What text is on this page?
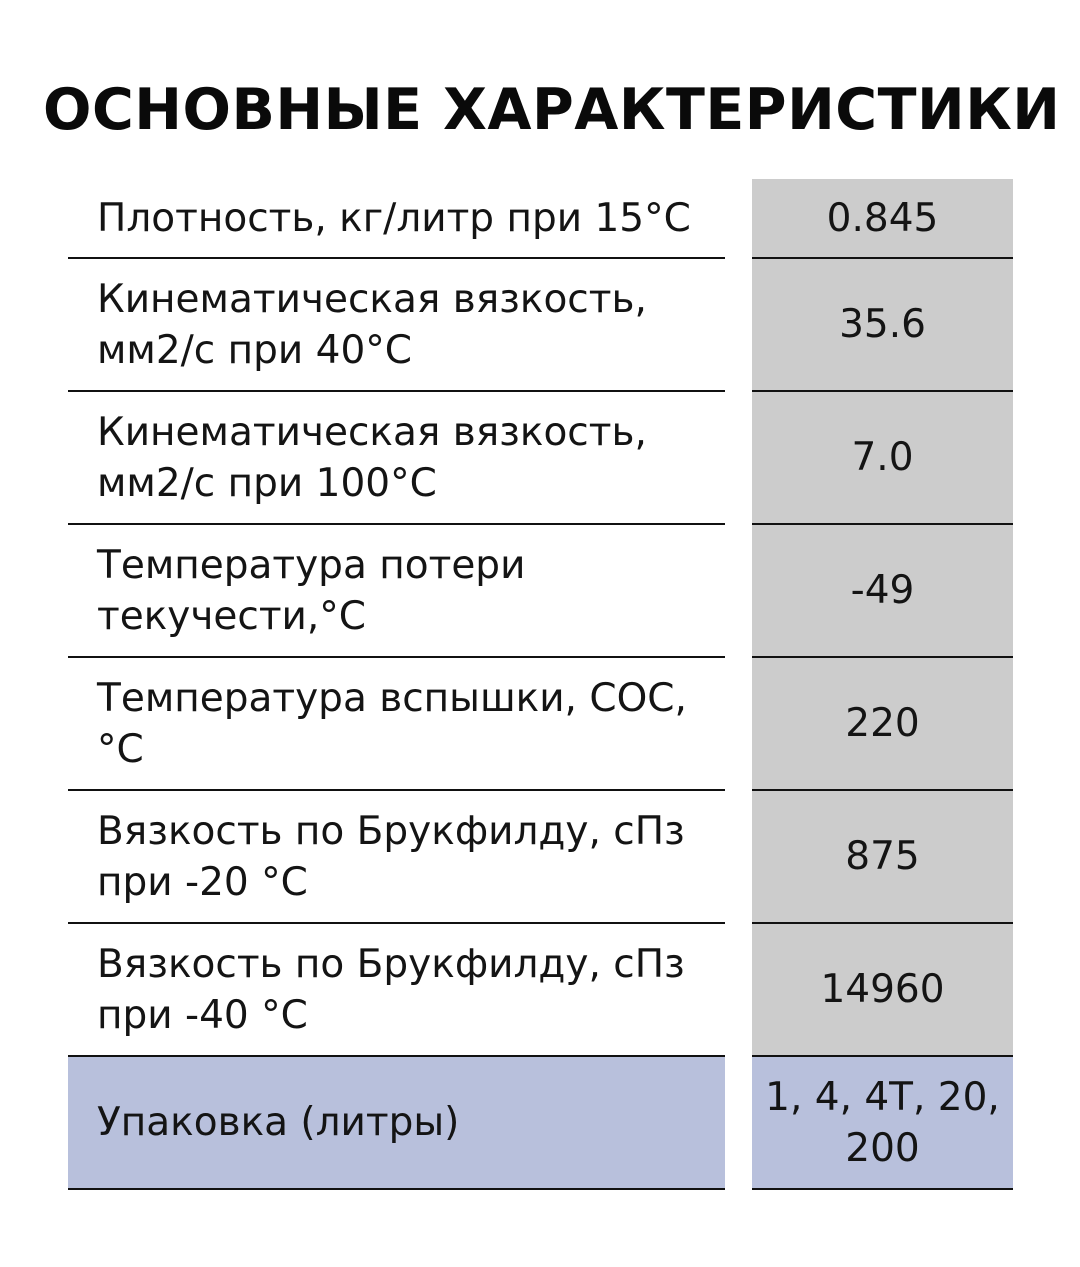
ОСНОВНЫЕ ХАРАКТЕРИСТИКИ
Плотность, кг/литр при 15°С	0.845
Кинематическая вязкость, мм2/с при 40°С
35.6
Кинематическая вязкость, мм2/с при 100°С
7.0
Температура потери текучести,°С
-49
Температура вспышки, СОС, °С
220
Вязкость по Брукфилду, сПз при -20 °С
875
Вязкость по Брукфилду, сПз при -40 °С
14960
Упаковка (литры)
1, 4, 4Т, 20, 200
